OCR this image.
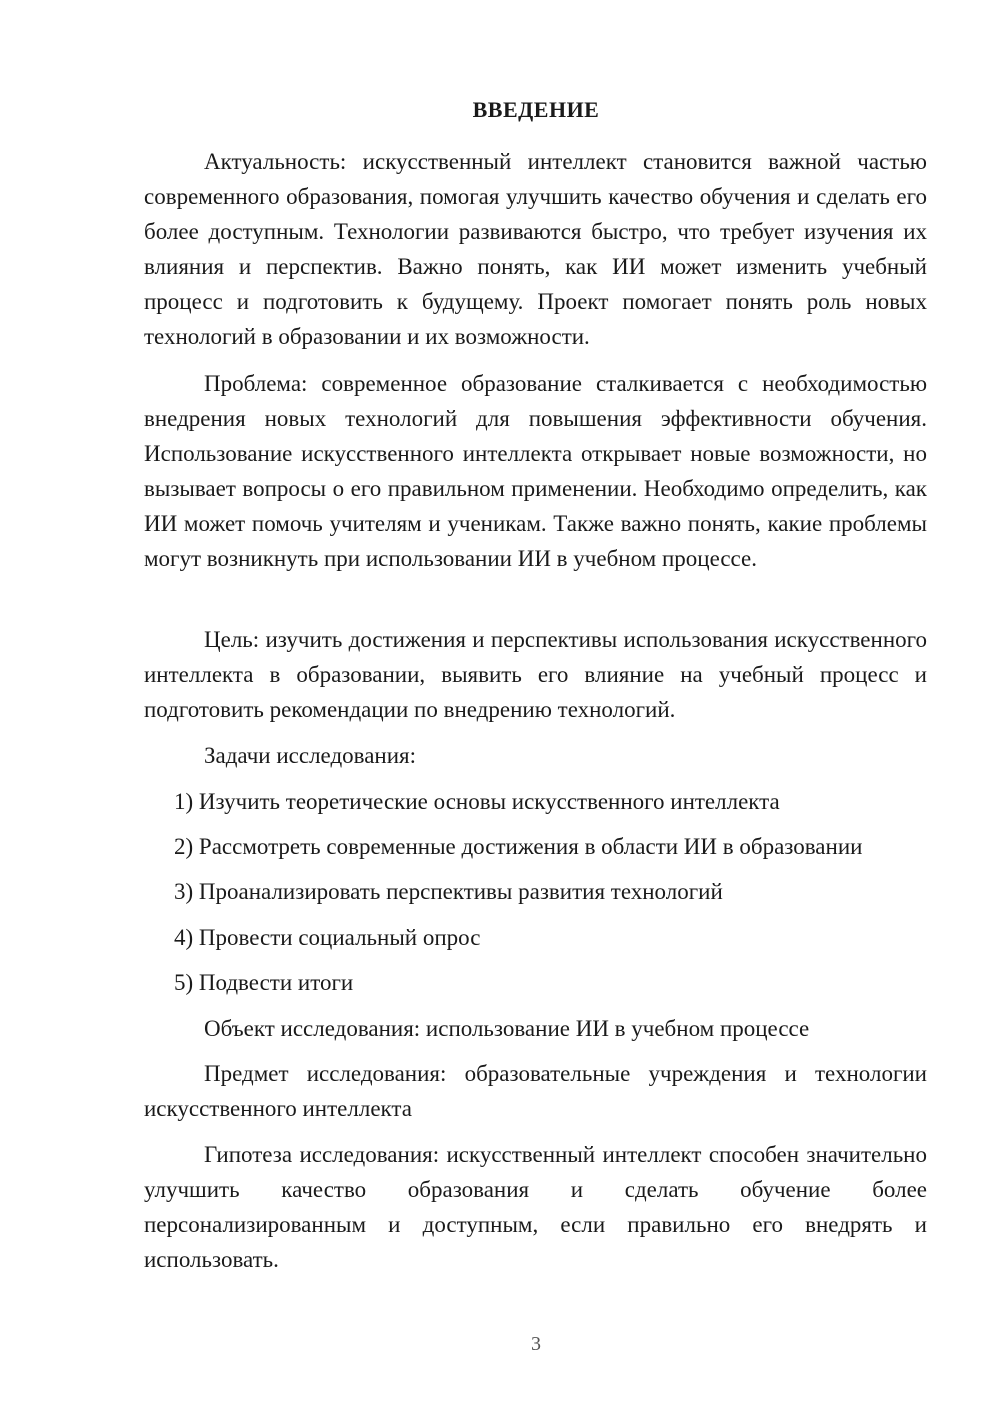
ВВЕДЕНИЕ

Актуальность: искусственный интеллект становится важной частью современного образования, помогая улучшить качество обучения и сделать его более доступным. Технологии развиваются быстро, что требует изучения их влияния и перспектив. Важно понять, как ИИ может изменить учебный процесс и подготовить к будущему. Проект помогает понять роль новых технологий в образовании и их возможности.

Проблема: современное образование сталкивается с необходимостью внедрения новых технологий для повышения эффективности обучения. Использование искусственного интеллекта открывает новые возможности, но вызывает вопросы о его правильном применении. Необходимо определить, как ИИ может помочь учителям и ученикам. Также важно понять, какие проблемы могут возникнуть при использовании ИИ в учебном процессе.

Цель: изучить достижения и перспективы использования искусственного интеллекта в образовании, выявить его влияние на учебный процесс и подготовить рекомендации по внедрению технологий.

Задачи исследования:

1) Изучить теоретические основы искусственного интеллекта

2) Рассмотреть современные достижения в области ИИ в образовании

3) Проанализировать перспективы развития технологий

4) Провести социальный опрос

5) Подвести итоги

Объект исследования: использование ИИ в учебном процессе

Предмет исследования: образовательные учреждения и технологии искусственного интеллекта

Гипотеза исследования: искусственный интеллект способен значительно улучшить качество образования и сделать обучение более персонализированным и доступным, если правильно его внедрять и использовать.

3
